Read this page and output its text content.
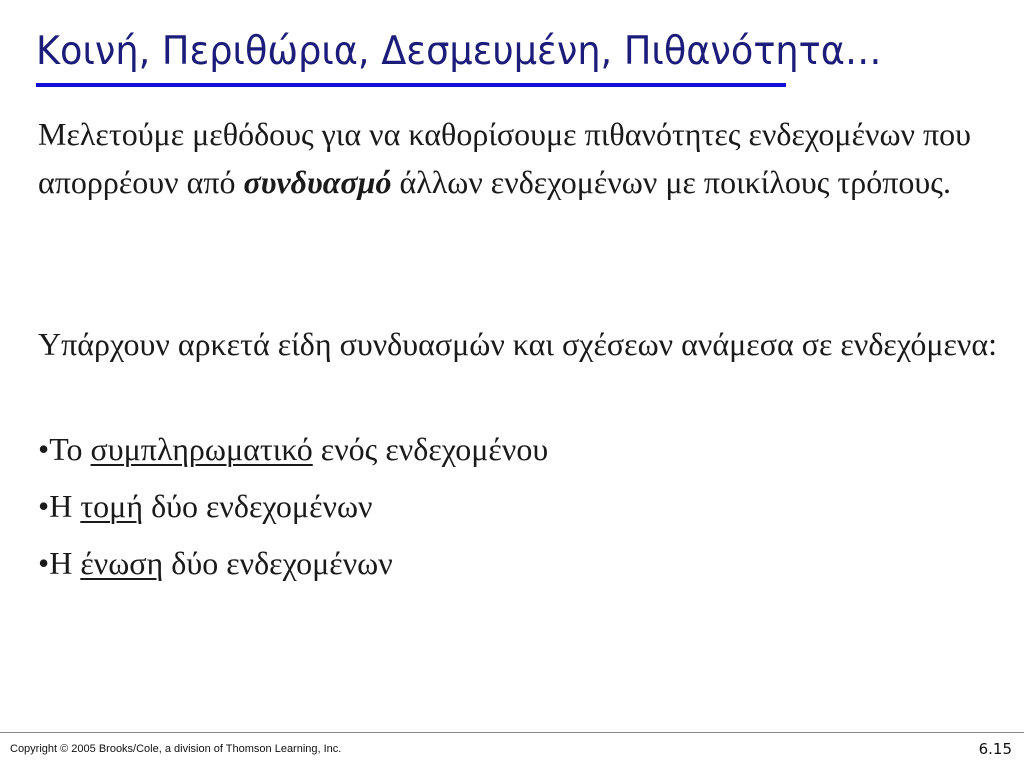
Κοινή, Περιθώρια, Δεσμευμένη, Πιθανότητα…

Μελετούμε μεθόδους για να καθορίσουμε πιθανότητες ενδεχομένων που απορρέουν από συνδυασμό άλλων ενδεχομένων με ποικίλους τρόπους.

Υπάρχουν αρκετά είδη συνδυασμών και σχέσεων ανάμεσα σε ενδεχόμενα:

•Το συμπληρωματικό ενός ενδεχομένου

•Η τομή δύο ενδεχομένων

•Η ένωση δύο ενδεχομένων

Copyright © 2005 Brooks/Cole, a division of Thomson Learning, Inc.	6.15
